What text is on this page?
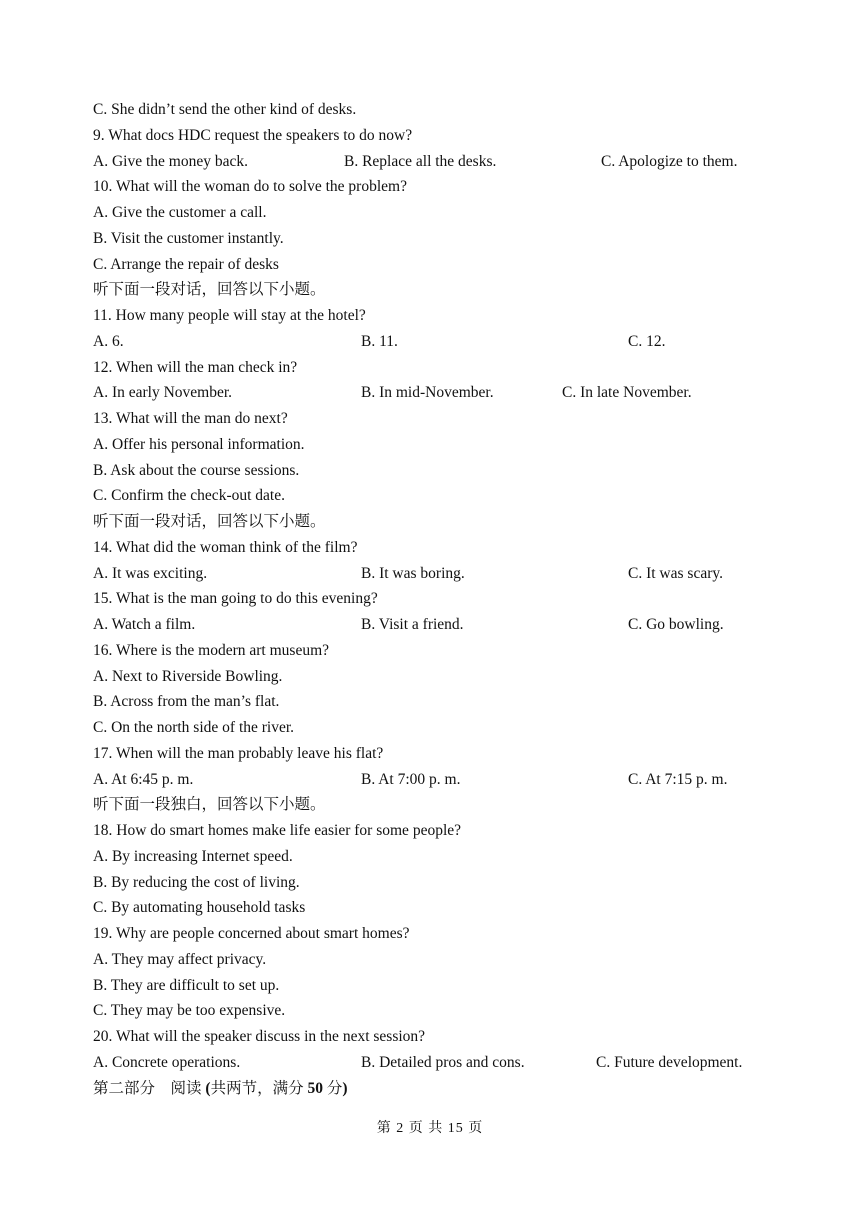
C. She didn’t send the other kind of desks.
9. What docs HDC request the speakers to do now?
A. Give the money back.	B. Replace all the desks.	C. Apologize to them.
10. What will the woman do to solve the problem?
A. Give the customer a call.
B. Visit the customer instantly.
C. Arrange the repair of desks
听下面一段对话，回答以下小题。
11. How many people will stay at the hotel?
A. 6.	B. 11.	C. 12.
12. When will the man check in?
A. In early November.	B. In mid-November.	C. In late November.
13. What will the man do next?
A. Offer his personal information.
B. Ask about the course sessions.
C. Confirm the check-out date.
听下面一段对话，回答以下小题。
14. What did the woman think of the film?
A. It was exciting.	B. It was boring.	C. It was scary.
15. What is the man going to do this evening?
A. Watch a film.	B. Visit a friend.	C. Go bowling.
16. Where is the modern art museum?
A. Next to Riverside Bowling.
B. Across from the man’s flat.
C. On the north side of the river.
17. When will the man probably leave his flat?
A. At 6:45 p. m.	B. At 7:00 p. m.	C. At 7:15 p. m.
听下面一段独白，回答以下小题。
18. How do smart homes make life easier for some people?
A. By increasing Internet speed.
B. By reducing the cost of living.
C. By automating household tasks
19. Why are people concerned about smart homes?
A. They may affect privacy.
B. They are difficult to set up.
C. They may be too expensive.
20. What will the speaker discuss in the next session?
A. Concrete operations.	B. Detailed pros and cons.	C. Future development.
第二部分　阅读 (共两节，满分 50 分)
第 2 页 共 15 页
